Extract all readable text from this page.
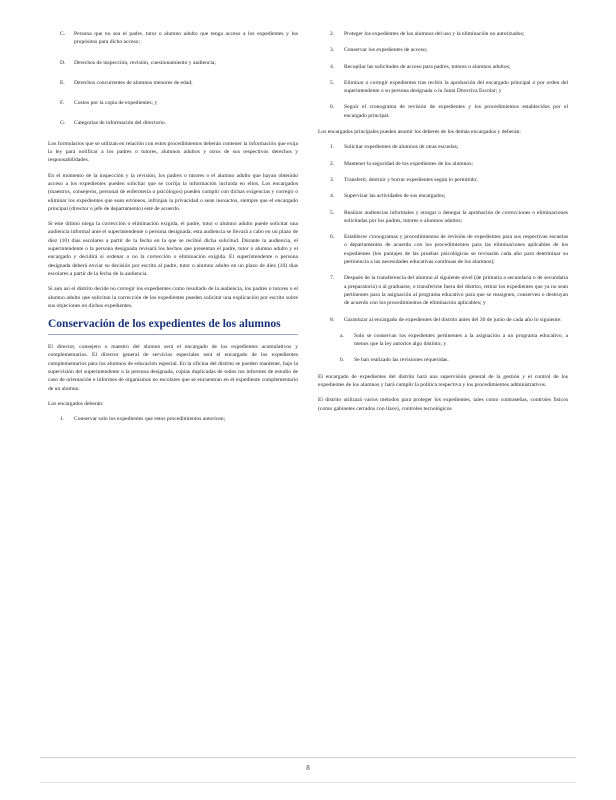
C.	Persona que no sea el padre, tutor o alumno adulto que tenga acceso a los expedientes y los propósitos para dicho acceso;
D.	Derechos de inspección, revisión, cuestionamiento y audiencia;
E.	Derechos concurrentes de alumnos menores de edad;
F.	Costos por la copia de expedientes; y
G.	Categorías de información del directorio.

Los formularios que se utilizan en relación con estos procedimientos deberán contener la información que exija la ley para notificar a los padres o tutores, alumnos adultos y otros de sus respectivos derechos y responsabilidades.

En el momento de la inspección y la revisión, los padres o tutores o el alumno adulto que hayan obtenido acceso a los expedientes pueden solicitar que se corrija la información incluida en ellos. Los encargados (maestros, consejeros, personal de enfermería o psicólogos) pueden cumplir con dichas exigencias y corregir o eliminar los expedientes que sean erróneos, infrinjan la privacidad o sean inexactos, siempre que el encargado principal (director o jefe de departamento) esté de acuerdo.

Si este último niega la corrección o eliminación exigida, el padre, tutor o alumno adulto puede solicitar una audiencia informal ante el superintendente o persona designada; esta audiencia se llevará a cabo en un plazo de diez (10) días escolares a partir de la fecha en la que se recibió dicha solicitud. Durante la audiencia, el superintendente o la persona designada revisará los hechos que presentan el padre, tutor o alumno adulto y el encargado y decidirá si ordenar o no la corrección o eliminación exigida. El superintendente o persona designada deberá enviar su decisión por escrito al padre, tutor o alumno adulto en un plazo de diez (10) días escolares a partir de la fecha de la audiencia.

Si aun así el distrito decide no corregir los expedientes como resultado de la audiencia, los padres o tutores o el alumno adulto que solicitan la corrección de los expedientes pueden solicitar una explicación por escrito sobre sus objeciones en dichos expedientes.

Conservación de los expedientes de los alumnos

El director, consejero o maestro del alumno será el encargado de los expedientes acumulativos y complementarios. El director general de servicios especiales será el encargado de los expedientes complementarios para los alumnos de educación especial. En la oficina del distrito se pueden mantener, bajo la supervisión del superintendente o la persona designada, copias duplicadas de todos los informes de estudio de caso de orientación e informes de organismos no escolares que se encuentran en el expediente complementario de un alumno.

Los encargados deberán:

1.	Conservar solo los expedientes que estos procedimientos autoricen;
2.	Proteger los expedientes de los alumnos del uso y la eliminación no autorizados;
3.	Conservar los expedientes de acceso;
4.	Recopilar las solicitudes de acceso para padres, tutores o alumnos adultos;
5.	Eliminar o corregir expedientes tras recibir la aprobación del encargado principal o por orden del superintendente o su persona designada o la Junta Directiva Escolar; y
6.	Seguir el cronograma de revisión de expedientes y los procedimientos establecidos por el encargado principal.

Los encargados principales pueden asumir los deberes de los demás encargados y deberán:

1.	Solicitar expedientes de alumnos de otras escuelas;
2.	Mantener la seguridad de los expedientes de los alumnos;
3.	Transferir, destruir y borrar expedientes según lo permitido;
4.	Supervisar las actividades de sus encargados;
5.	Realizar audiencias informales y otorgar o denegar la aprobación de correcciones o eliminaciones solicitadas por los padres, tutores o alumnos adultos;
6.	Establecer cronogramas y procedimientos de revisión de expedientes para sus respectivas escuelas o departamentos de acuerdo con los procedimientos para las eliminaciones aplicables de los expedientes (los puntajes de las pruebas psicológicas se revisarán cada año para determinar su pertinencia a las necesidades educativas continuas de los alumnos);
7.	Después de la transferencia del alumno al siguiente nivel (de primaria a secundaria o de secundaria a preparatoria) o al graduarse, o transferirse fuera del distrito, retirar los expedientes que ya no sean pertinentes para la asignación al programa educativo para que se reasignen, conserven o destruyan de acuerdo con los procedimientos de eliminación aplicables; y
8.	Garantizar al encargado de expedientes del distrito antes del 30 de junio de cada año lo siguiente:
a.	Solo se conservan los expedientes pertinentes a la asignación a un programa educativo, a menos que la ley autorice algo distinto; y
b.	Se han realizado las revisiones requeridas.

El encargado de expedientes del distrito hará una supervisión general de la gestión y el control de los expedientes de los alumnos y hará cumplir la política respectiva y los procedimientos administrativos.

El distrito utilizará varios métodos para proteger los expedientes, tales como contraseñas, controles físicos (como gabinetes cerrados con llave), controles tecnológicos

8
